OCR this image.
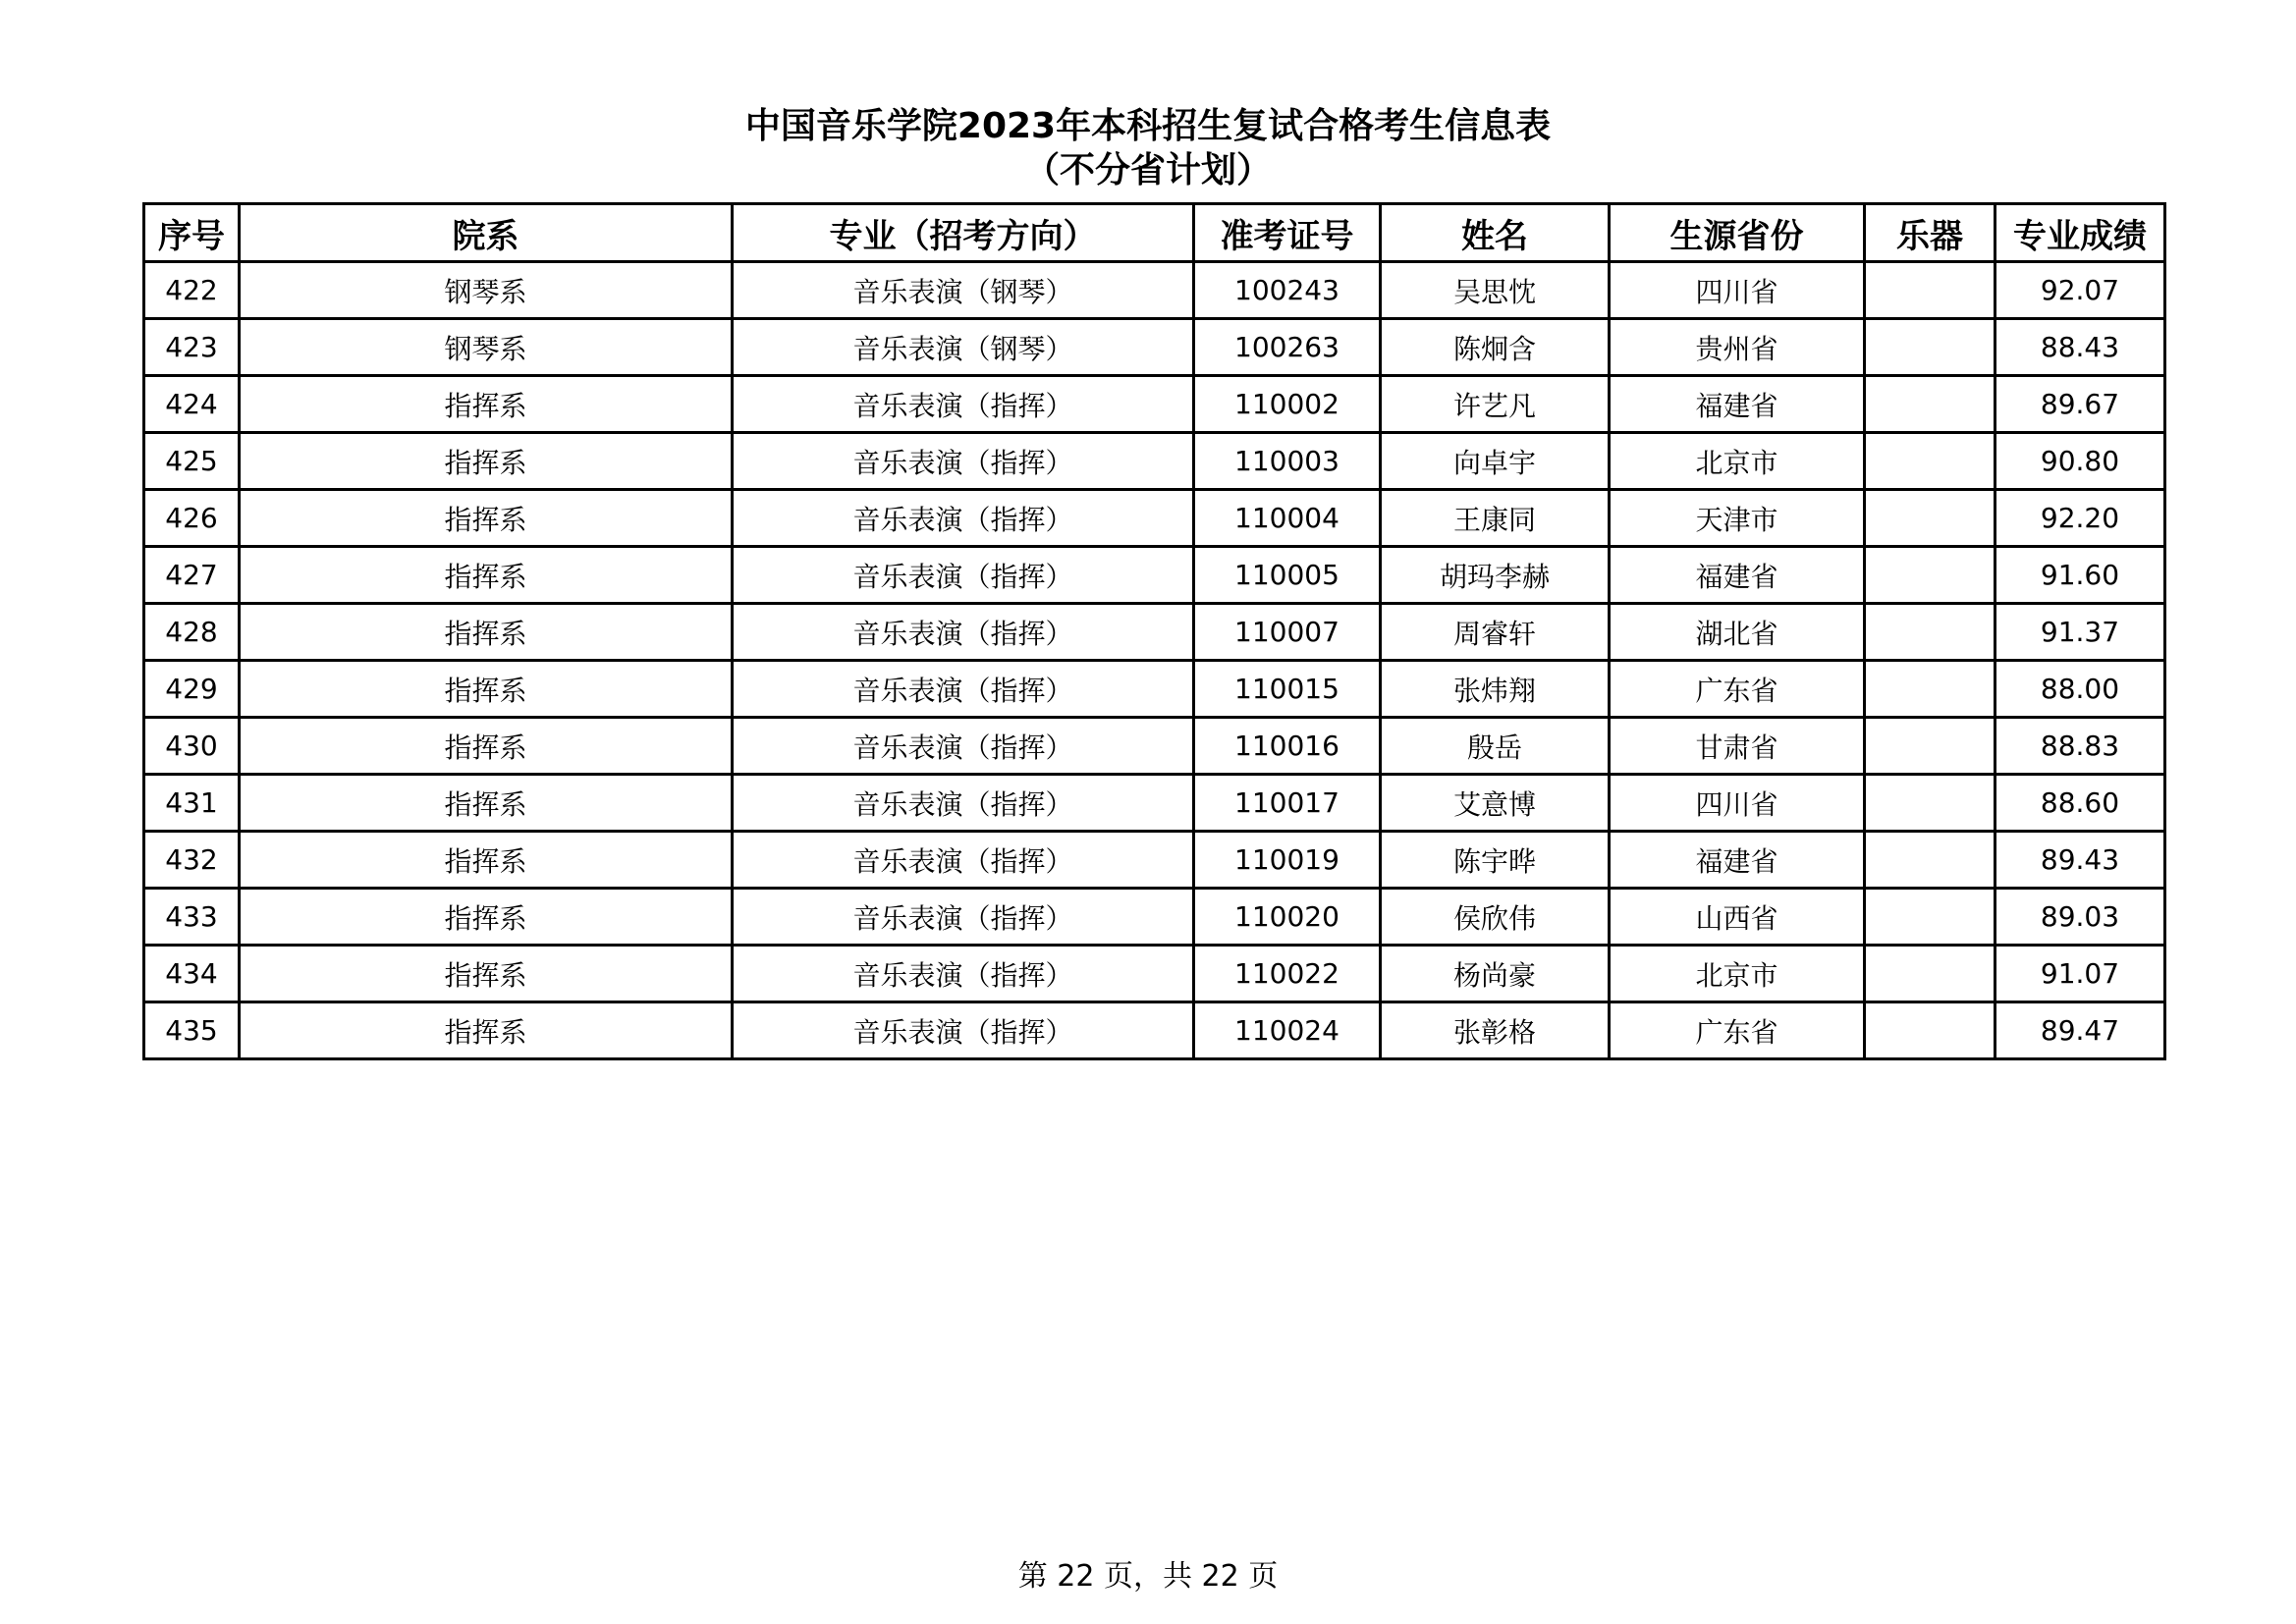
中国音乐学院2023年本科招生复试合格考生信息表
（不分省计划）
序号	院系	专业（招考方向）	准考证号	姓名	生源省份	乐器	专业成绩
422	钢琴系	音乐表演（钢琴）	100243	吴思忱	四川省		92.07
423	钢琴系	音乐表演（钢琴）	100263	陈炯含	贵州省		88.43
424	指挥系	音乐表演（指挥）	110002	许艺凡	福建省		89.67
425	指挥系	音乐表演（指挥）	110003	向卓宇	北京市		90.80
426	指挥系	音乐表演（指挥）	110004	王康同	天津市		92.20
427	指挥系	音乐表演（指挥）	110005	胡玛李赫	福建省		91.60
428	指挥系	音乐表演（指挥）	110007	周睿轩	湖北省		91.37
429	指挥系	音乐表演（指挥）	110015	张炜翔	广东省		88.00
430	指挥系	音乐表演（指挥）	110016	殷岳	甘肃省		88.83
431	指挥系	音乐表演（指挥）	110017	艾意博	四川省		88.60
432	指挥系	音乐表演（指挥）	110019	陈宇晔	福建省		89.43
433	指挥系	音乐表演（指挥）	110020	侯欣伟	山西省		89.03
434	指挥系	音乐表演（指挥）	110022	杨尚豪	北京市		91.07
435	指挥系	音乐表演（指挥）	110024	张彰格	广东省		89.47
第 22 页，共 22 页
